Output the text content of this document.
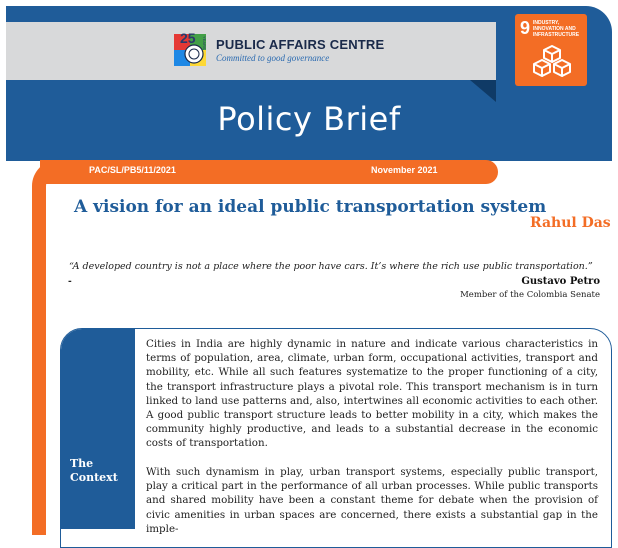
25 YEARS PUBLIC AFFAIRS CENTRE
Committed to good governance
9 INDUSTRY, INNOVATION AND INFRASTRUCTURE
Policy Brief
PAC/SL/PB5/11/2021	November 2021
A vision for an ideal public transportation system
Rahul Das
“A developed country is not a place where the poor have cars. It’s where the rich use public transportation.”
-	Gustavo Petro
Member of the Colombia Senate
The
Context

Cities in India are highly dynamic in nature and indicate various characteristics in terms of population, area, climate, urban form, occupational activities, transport and mobility, etc. While all such features systematize to the proper functioning of a city, the transport infrastructure plays a pivotal role. This transport mechanism is in turn linked to land use patterns and, also, intertwines all economic activities to each other. A good public transport structure leads to better mobility in a city, which makes the community highly productive, and leads to a substantial decrease in the economic costs of transportation.

With such dynamism in play, urban transport systems, especially public transport, play a critical part in the performance of all urban processes. While public transports and shared mobility have been a constant theme for debate when the provision of civic amenities in urban spaces are concerned, there exists a substantial gap in the imple-
